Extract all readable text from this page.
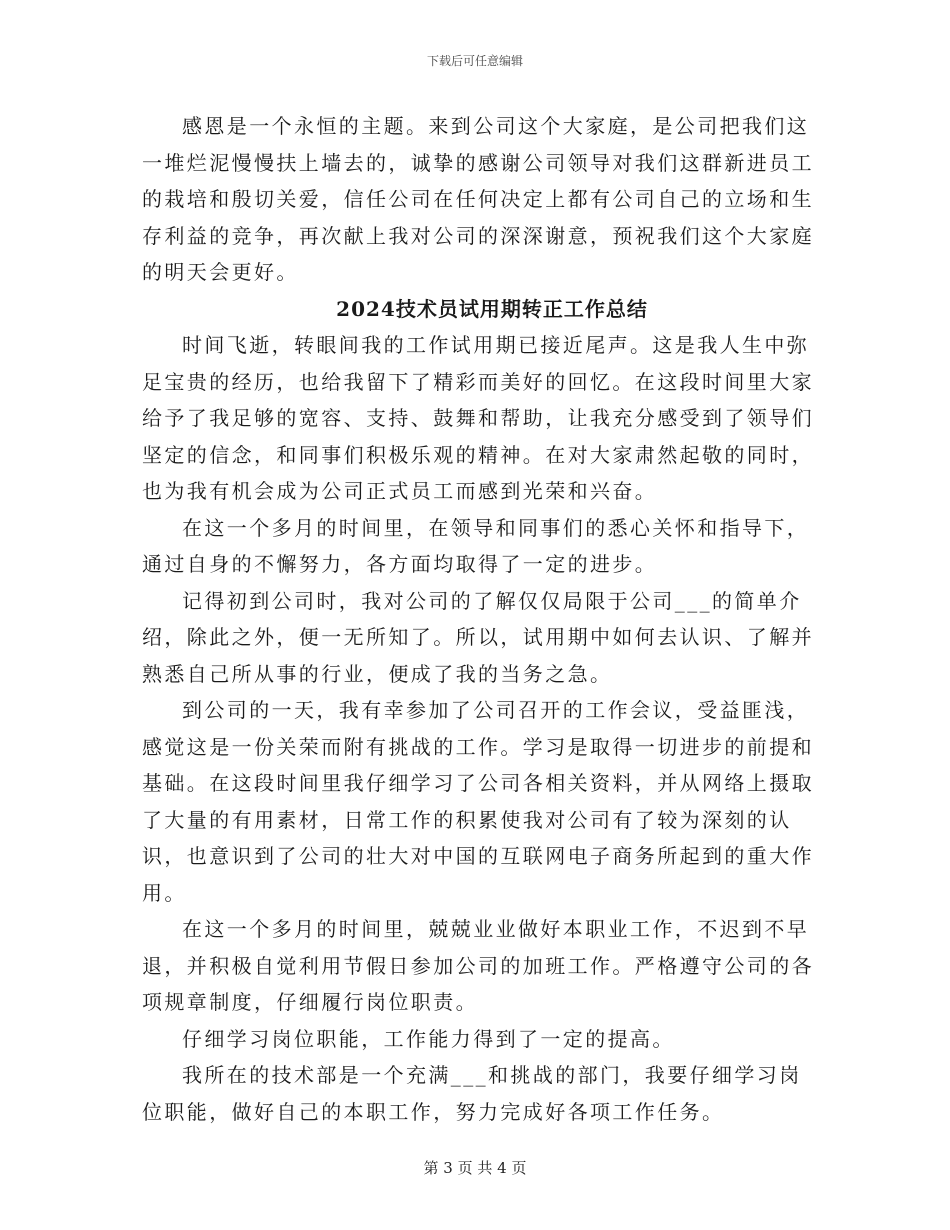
下载后可任意编辑

感恩是一个永恒的主题。来到公司这个大家庭，是公司把我们这一堆烂泥慢慢扶上墙去的，诚挚的感谢公司领导对我们这群新进员工的栽培和殷切关爱，信任公司在任何决定上都有公司自己的立场和生存利益的竞争，再次献上我对公司的深深谢意，预祝我们这个大家庭的明天会更好。

2024技术员试用期转正工作总结

时间飞逝，转眼间我的工作试用期已接近尾声。这是我人生中弥足宝贵的经历，也给我留下了精彩而美好的回忆。在这段时间里大家给予了我足够的宽容、支持、鼓舞和帮助，让我充分感受到了领导们坚定的信念，和同事们积极乐观的精神。在对大家肃然起敬的同时，也为我有机会成为公司正式员工而感到光荣和兴奋。

在这一个多月的时间里，在领导和同事们的悉心关怀和指导下，通过自身的不懈努力，各方面均取得了一定的进步。

记得初到公司时，我对公司的了解仅仅局限于公司___的简单介绍，除此之外，便一无所知了。所以，试用期中如何去认识、了解并熟悉自己所从事的行业，便成了我的当务之急。

到公司的一天，我有幸参加了公司召开的工作会议，受益匪浅，感觉这是一份关荣而附有挑战的工作。学习是取得一切进步的前提和基础。在这段时间里我仔细学习了公司各相关资料，并从网络上摄取了大量的有用素材，日常工作的积累使我对公司有了较为深刻的认识，也意识到了公司的壮大对中国的互联网电子商务所起到的重大作用。

在这一个多月的时间里，兢兢业业做好本职业工作，不迟到不早退，并积极自觉利用节假日参加公司的加班工作。严格遵守公司的各项规章制度，仔细履行岗位职责。

仔细学习岗位职能，工作能力得到了一定的提高。

我所在的技术部是一个充满___和挑战的部门，我要仔细学习岗位职能，做好自己的本职工作，努力完成好各项工作任务。

第 3 页 共 4 页
